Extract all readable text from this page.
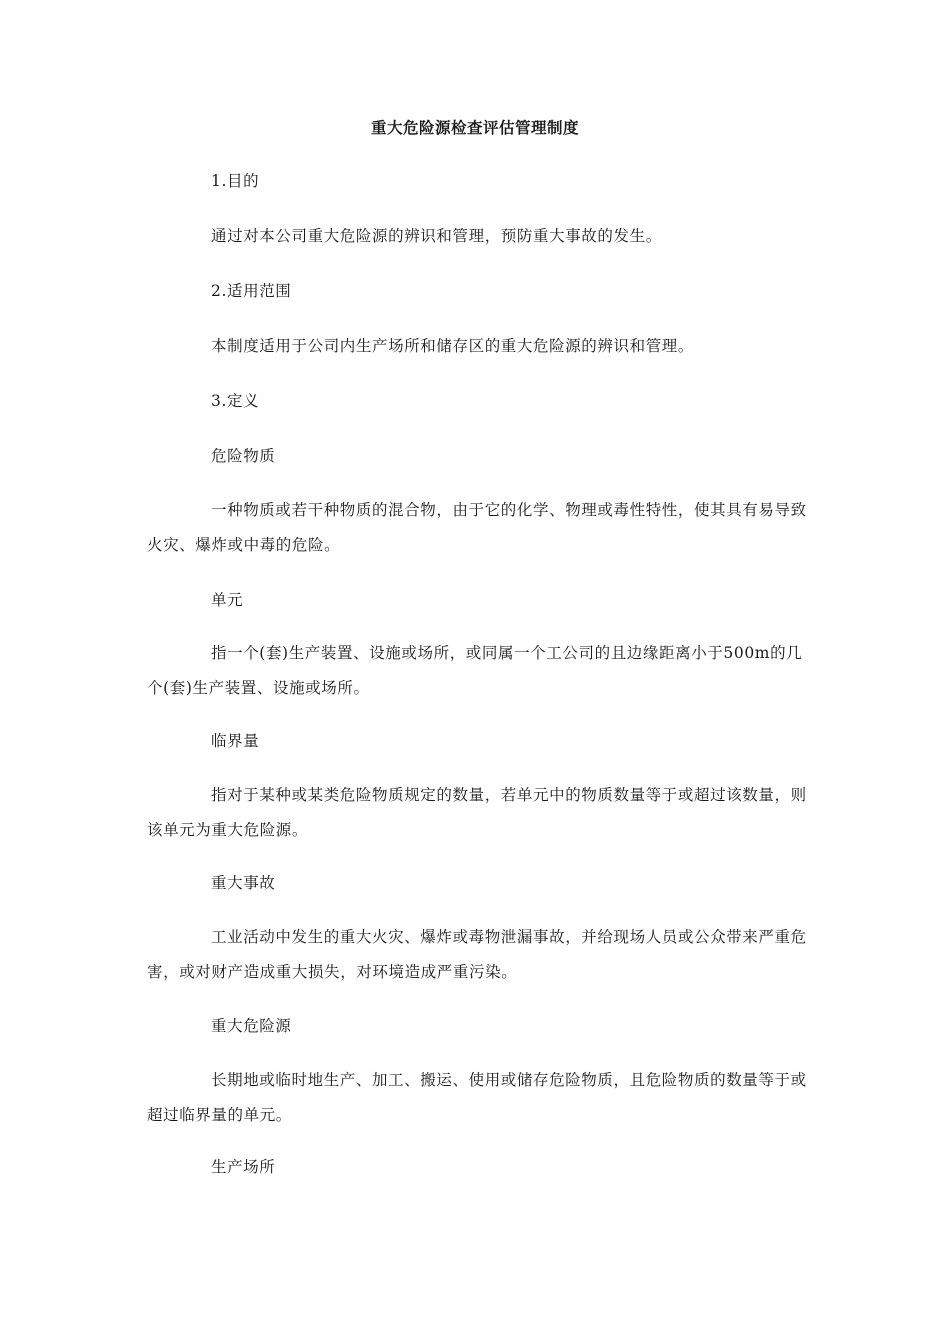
重大危险源检查评估管理制度

1.目的

通过对本公司重大危险源的辨识和管理，预防重大事故的发生。

2.适用范围

本制度适用于公司内生产场所和储存区的重大危险源的辨识和管理。

3.定义

危险物质

一种物质或若干种物质的混合物，由于它的化学、物理或毒性特性，使其具有易导致火灾、爆炸或中毒的危险。

单元

指一个(套)生产装置、设施或场所，或同属一个工公司的且边缘距离小于500m的几个(套)生产装置、设施或场所。

临界量

指对于某种或某类危险物质规定的数量，若单元中的物质数量等于或超过该数量，则该单元为重大危险源。

重大事故

工业活动中发生的重大火灾、爆炸或毒物泄漏事故，并给现场人员或公众带来严重危害，或对财产造成重大损失，对环境造成严重污染。

重大危险源

长期地或临时地生产、加工、搬运、使用或储存危险物质，且危险物质的数量等于或超过临界量的单元。

生产场所
